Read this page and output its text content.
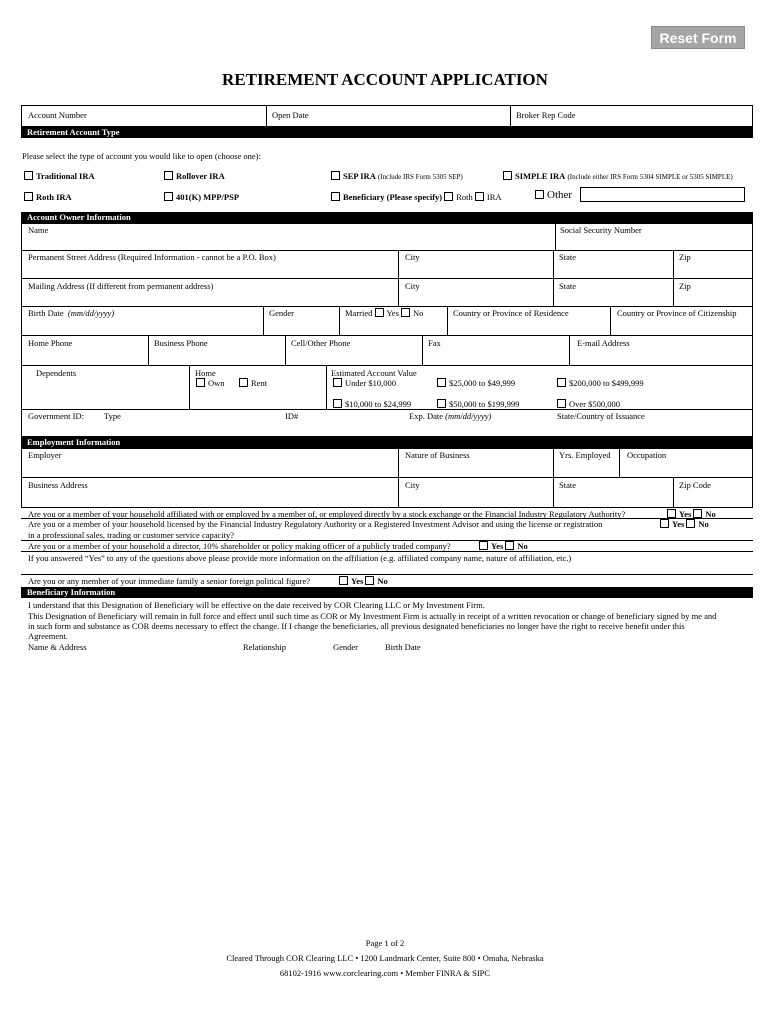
Reset Form
RETIREMENT ACCOUNT APPLICATION
Account Number	Open Date	Broker Rep Code
Retirement Account Type
Please select the type of account you would like to open (choose one):
Traditional IRA	Rollover IRA	SEP IRA (Include IRS Form 5305 SEP)	SIMPLE IRA (Include either IRS Form 5304 SIMPLE or 5305 SIMPLE)
Roth IRA	401(K) MPP/PSP	Beneficiary (Please specify) Roth IRA	Other
Account Owner Information
Name	Social Security Number
Permanent Street Address (Required Information - cannot be a P.O. Box)	City	State	Zip
Mailing Address (If different from permanent address)	City	State	Zip
Birth Date (mm/dd/yyyy)	Gender	Married Yes No	Country or Province of Residence	Country or Province of Citizenship
Home Phone	Business Phone	Cell/Other Phone	Fax	E-mail Address
Dependents	Home
Own	Rent
Estimated Account Value
Under $10,000	$25,000 to $49,999	$200,000 to $499,999
$10,000 to $24,999	$50,000 to $199,999	Over $500,000
Government ID: Type	ID#	Exp. Date (mm/dd/yyyy)	State/Country of Issuance
Employment Information
Employer	Nature of Business	Yrs. Employed Occupation
Business Address	City	State	Zip Code
Are you or a member of your household affiliated with or employed by a member of, or employed directly by a stock exchange or the Financial Industry Regulatory Authority?	Yes No
Are you or a member of your household licensed by the Financial Industry Regulatory Authority or a Registered Investment Advisor and using the license or registration
in a professional sales, trading or customer service capacity?
Yes No
Are you or a member of your household a director, 10% shareholder or policy making officer of a publicly traded company?	Yes No
If you answered “Yes” to any of the questions above please provide more information on the affiliation (e.g. affiliated company name, nature of affiliation, etc.)
Are you or any member of your immediate family a senior foreign political figure?	Yes No
Beneficiary Information
I understand that this Designation of Beneficiary will be effective on the date received by COR Clearing LLC or My Investment Firm.
This Designation of Beneficiary will remain in full force and effect until such time as COR or My Investment Firm is actually in receipt of a written revocation or change of beneficiary signed by me and
in such form and substance as COR deems necessary to effect the change. If I change the beneficiaries, all previous designated beneficiaries no longer have the right to receive benefit under this
Agreement.
Name & Address	Relationship	Gender	Birth Date
Page 1 of 2
Cleared Through COR Clearing LLC • 1200 Landmark Center, Suite 800 • Omaha, Nebraska
68102-1916 www.corclearing.com • Member FINRA & SIPC
